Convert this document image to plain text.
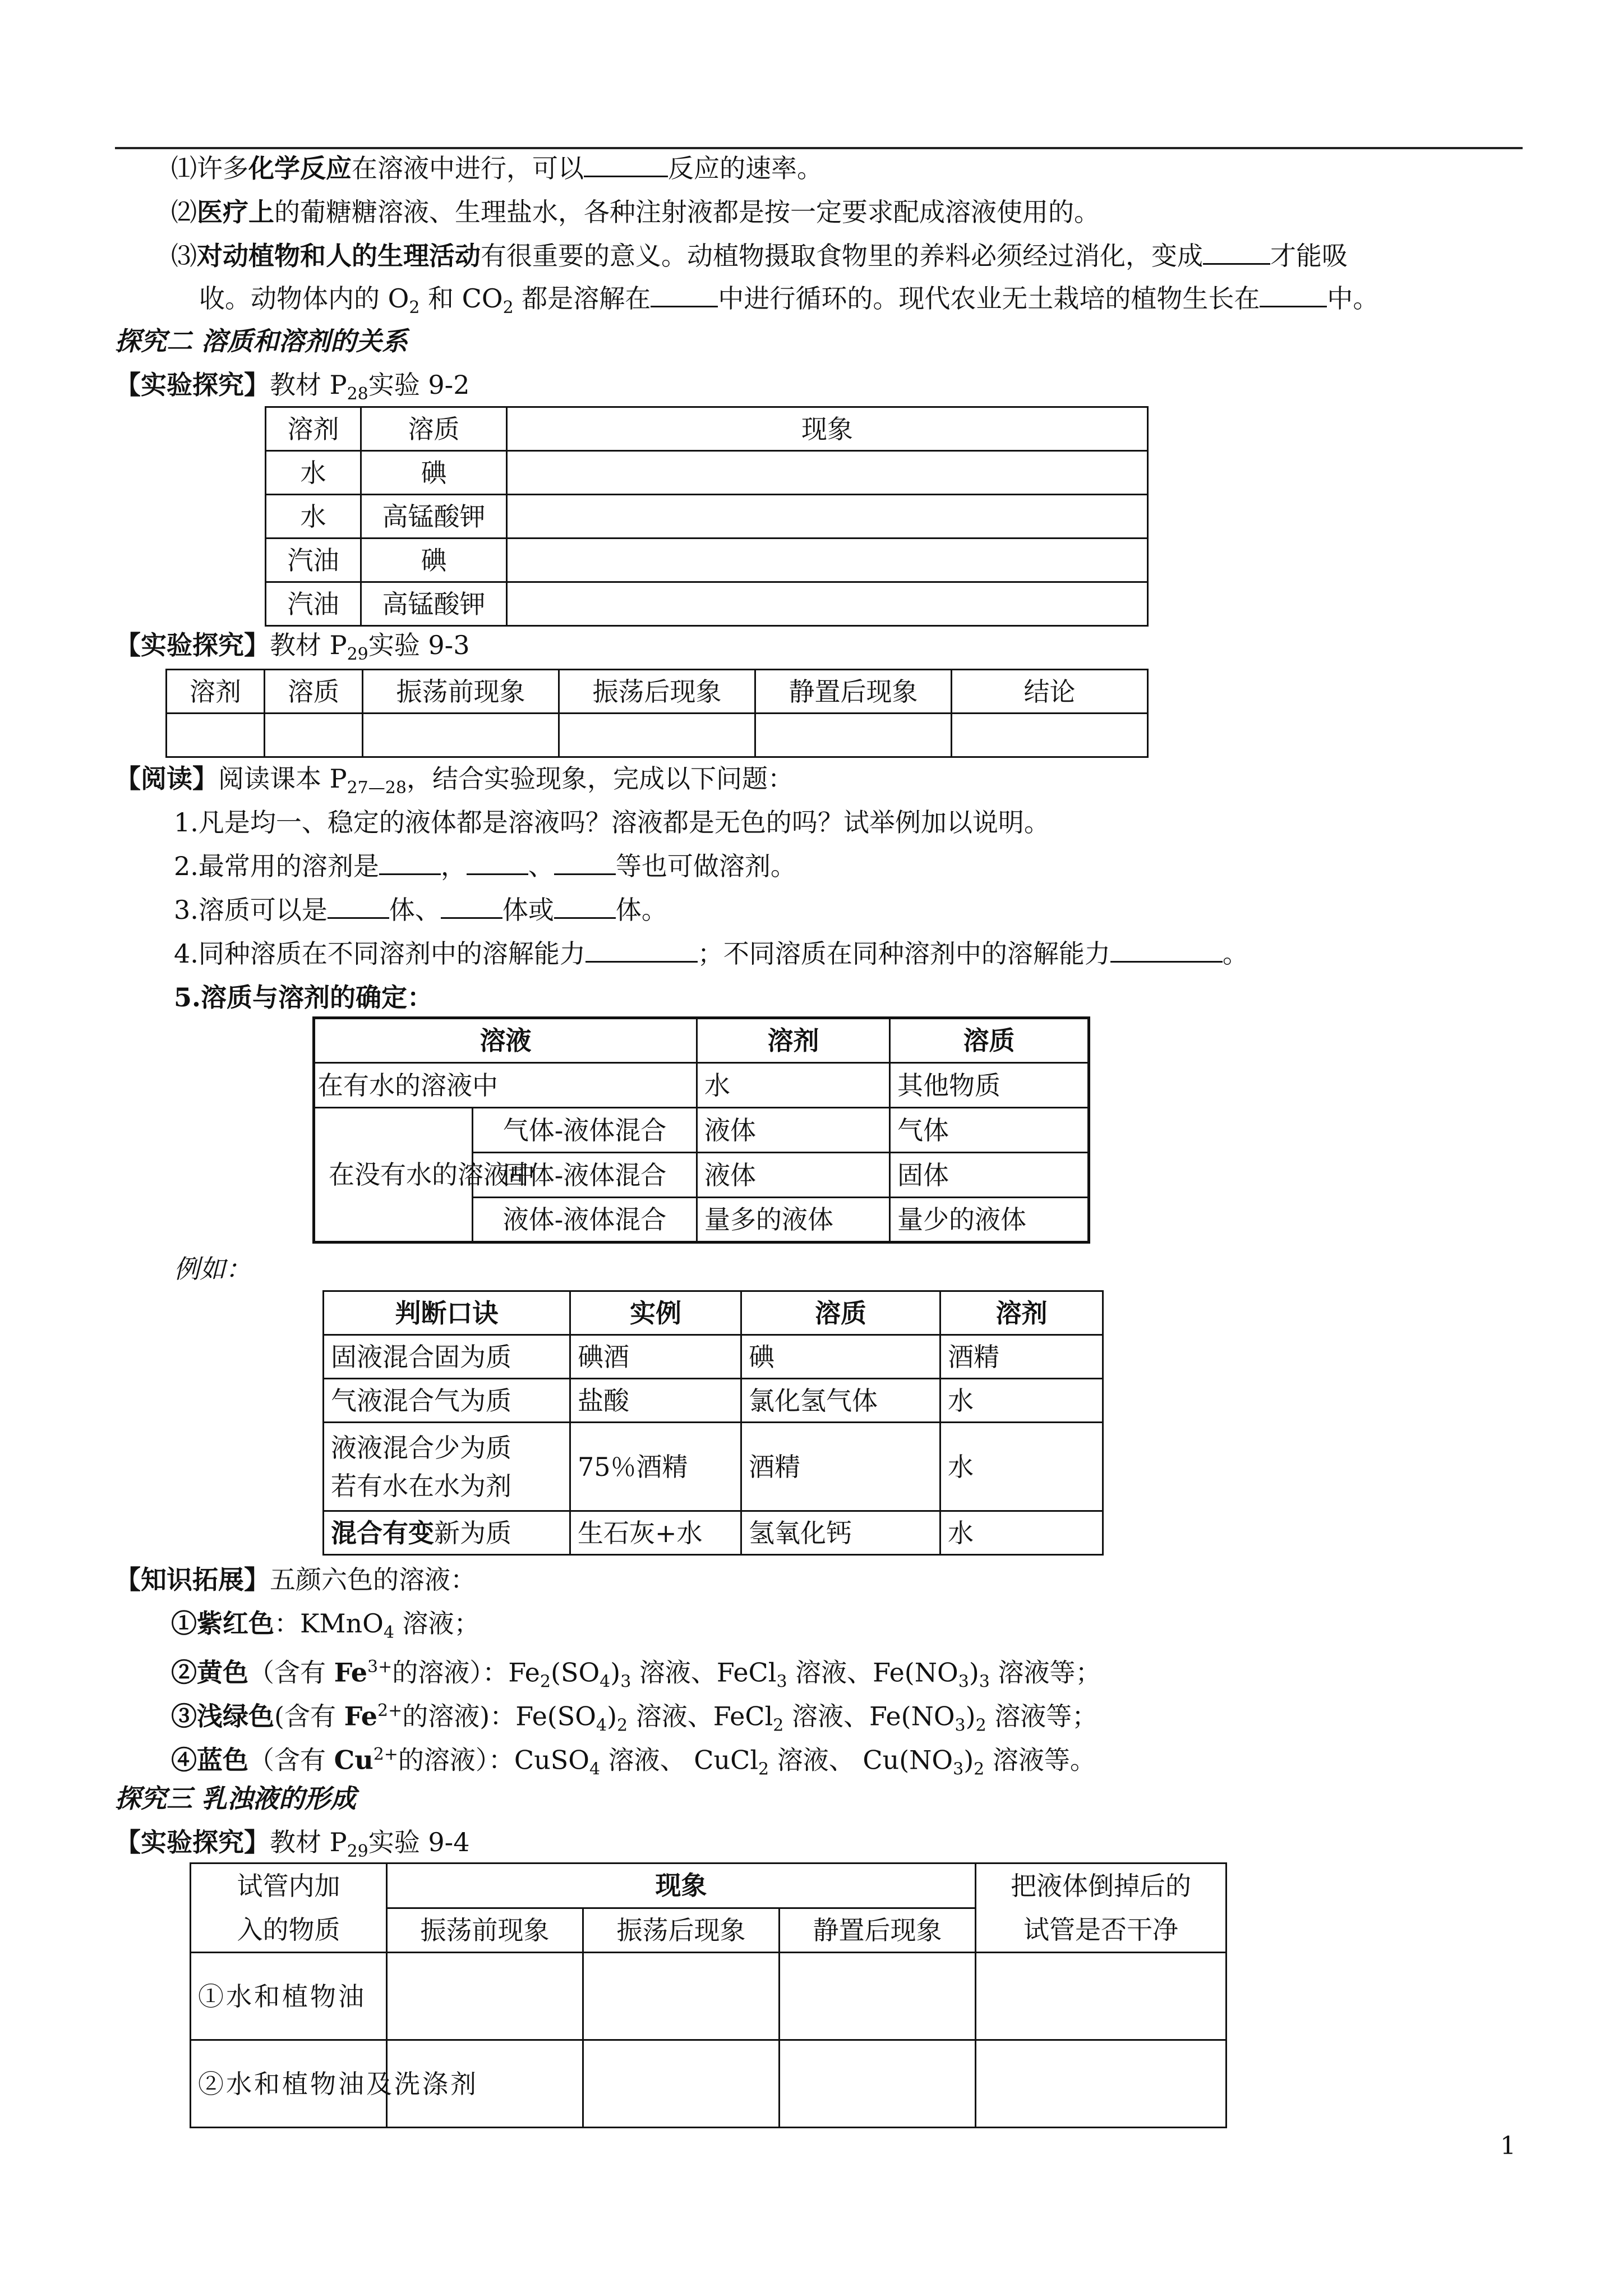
⑴许多化学反应在溶液中进行，可以	反应的速率。
⑵医疗上的葡糖糖溶液、生理盐水，各种注射液都是按一定要求配成溶液使用的。
⑶对动植物和人的生理活动有很重要的意义。动植物摄取食物里的养料必须经过消化，变成	才能吸
收。动物体内的 $O_2$ 和 $CO_2$ 都是溶解在	中进行循环的。现代农业无土栽培的植物生长在	中。
探究二 溶质和溶剂的关系
【实验探究】教材 $P_{28}$实验 9-2
溶剂	溶质	现象
水	碘	
水	高锰酸钾	
汽油	碘	
汽油	高锰酸钾	
【实验探究】教材 $P_{29}$实验 9-3
溶剂	溶质	振荡前现象	振荡后现象	静置后现象	结论

【阅读】阅读课本 $P_{27—28}$，结合实验现象，完成以下问题：
1.凡是均一、稳定的液体都是溶液吗？溶液都是无色的吗？试举例加以说明。
2.最常用的溶剂是 ， 、 等也可做溶剂。
3.溶质可以是 体、 体或 体。
4.同种溶质在不同溶剂中的溶解能力	；不同溶质在同种溶剂中的溶解能力	。
5.溶质与溶剂的确定：
溶液		溶剂	溶质
在有水的溶液中		水	其他物质
在没有水的溶液中	气体-液体混合	液体	气体
	固体-液体混合	液体	固体
	液体-液体混合	量多的液体	量少的液体
例如：
判断口诀	实例	溶质	溶剂
固液混合固为质	碘酒	碘	酒精
气液混合气为质	盐酸	氯化氢气体	水
液液混合少为质
若有水在水为剂	75％酒精	酒精	水
混合有变新为质	生石灰+水	氢氧化钙	水
【知识拓展】五颜六色的溶液：
①紫红色：KMnO$_4$ 溶液；
②黄色（含有 $Fe^{3+}$的溶液）：$Fe_2(SO_4)_3$ 溶液、FeCl$_3$ 溶液、$Fe(NO_3)_3$ 溶液等；
③浅绿色(含有 $Fe^{2+}$的溶液)：$Fe(SO_4)_2$ 溶液、FeCl$_2$ 溶液、$Fe(NO_3)_2$ 溶液等；
④蓝色（含有 $Cu^{2+}$的溶液）：CuSO$_4$ 溶液、 CuCl$_2$ 溶液、 $Cu(NO_3)_2$ 溶液等。
探究三 乳浊液的形成
【实验探究】教材 $P_{29}$实验 9-4
试管内加
入的物质	现象			把液体倒掉后的
试管是否干净
	振荡前现象	振荡后现象	静置后现象	
①水和植物油				
②水和植物油及洗涤剂				
1
